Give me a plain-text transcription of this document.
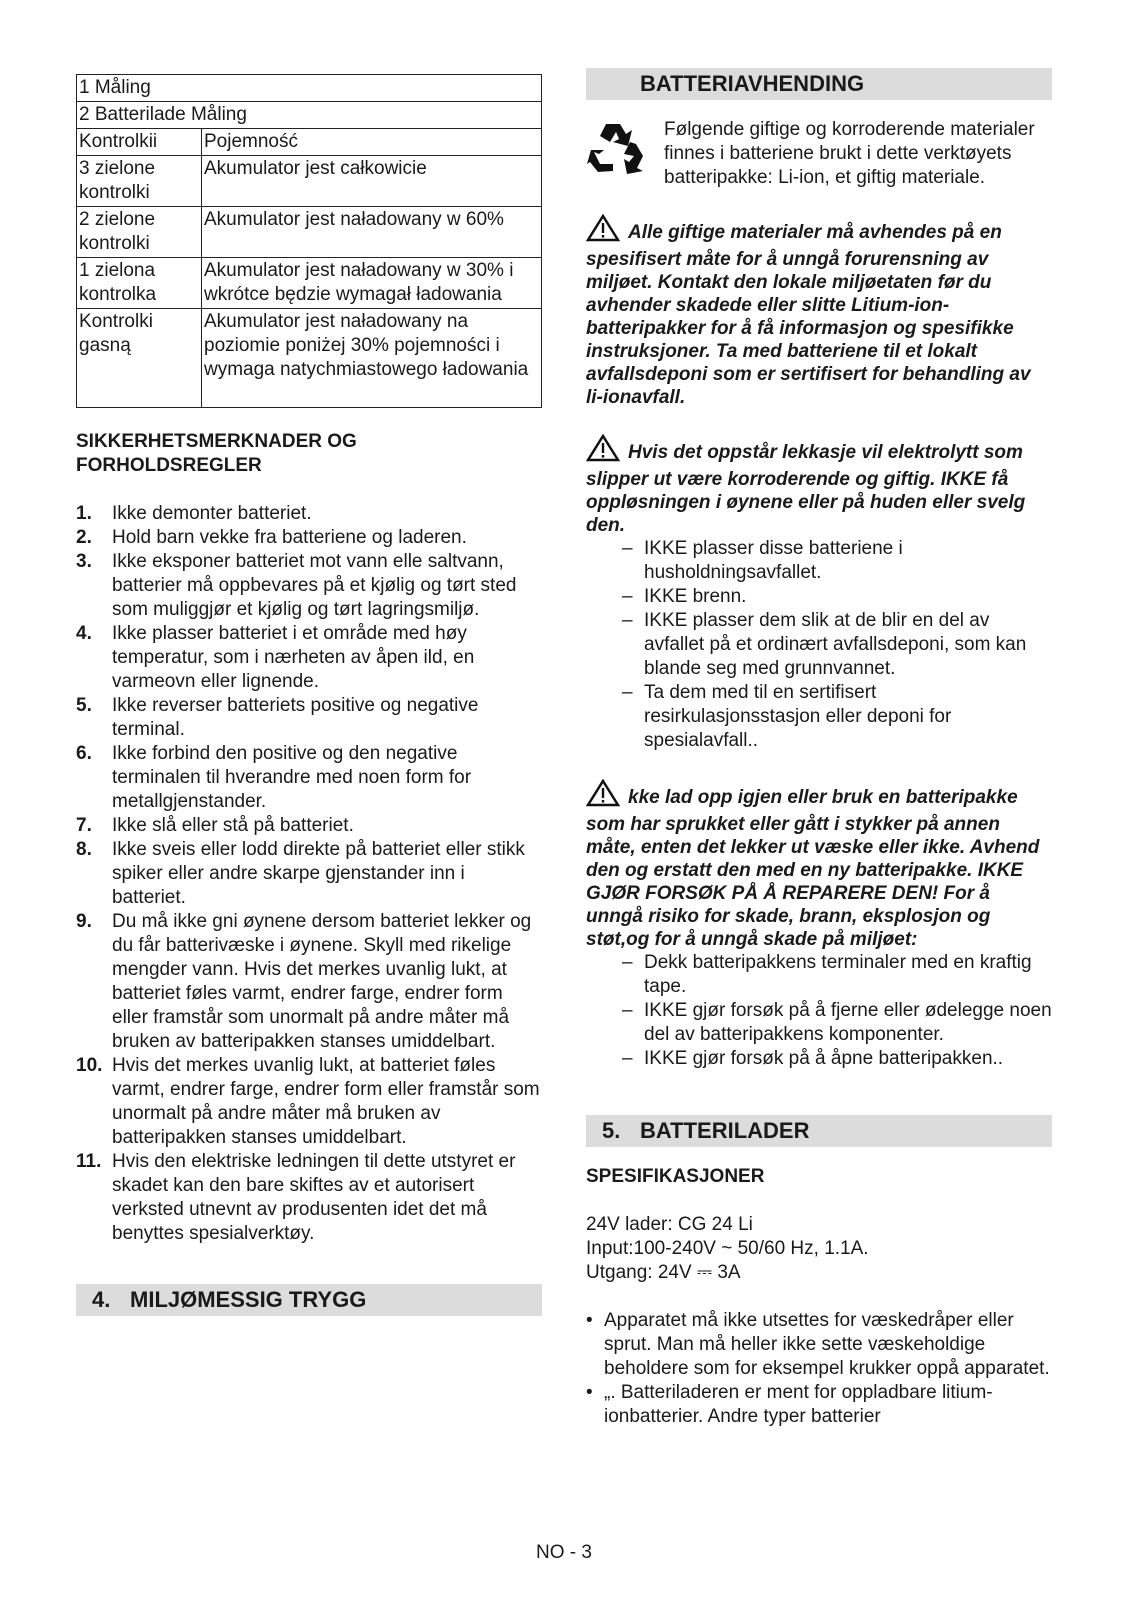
1 Måling	
2 Batterilade Måling	
Kontrolkii	Pojemność
3 zielone kontrolki	Akumulator jest całkowicie
2 zielone kontrolki	Akumulator jest naładowany w 60%
1 zielona kontrolka	Akumulator jest naładowany w 30% i wkrótce będzie wymagał ładowania
Kontrolki gasną	Akumulator jest naładowany na poziomie poniżej 30% pojemności i wymaga natychmiastowego ładowania

SIKKERHETSMERKNADER OG

FORHOLDSREGLER

1. Ikke demonter batteriet.
2. Hold barn vekke fra batteriene og laderen.
3. Ikke eksponer batteriet mot vann elle saltvann, batterier må oppbevares på et kjølig og tørt sted som muliggjør et kjølig og tørt lagringsmiljø.
4. Ikke plasser batteriet i et område med høy temperatur, som i nærheten av åpen ild, en varmeovn eller lignende.
5. Ikke reverser batteriets positive og negative terminal.
6. Ikke forbind den positive og den negative terminalen til hverandre med noen form for metallgjenstander.
7. Ikke slå eller stå på batteriet.
8. Ikke sveis eller lodd direkte på batteriet eller stikk spiker eller andre skarpe gjenstander inn i batteriet.
9. Du må ikke gni øynene dersom batteriet lekker og du får batterivæske i øynene. Skyll med rikelige mengder vann. Hvis det merkes uvanlig lukt, at batteriet føles varmt, endrer farge, endrer form eller framstår som unormalt på andre måter må bruken av batteripakken stanses umiddelbart.
10. Hvis det merkes uvanlig lukt, at batteriet føles varmt, endrer farge, endrer form eller framstår som unormalt på andre måter må bruken av batteripakken stanses umiddelbart.
11. Hvis den elektriske ledningen til dette utstyret er skadet kan den bare skiftes av et autorisert verksted utnevnt av produsenten idet det må benyttes spesialverktøy.
4. MILJØMESSIG TRYGG
BATTERIAVHENDING
Følgende giftige og korroderende materialer finnes i batteriene brukt i dette verktøyets batteripakke: Li-ion, et giftig materiale.
Alle giftige materialer må avhendes på en spesifisert måte for å unngå forurensning av miljøet. Kontakt den lokale miljøetaten før du avhender skadede eller slitte Litium-ion-batteripakker for å få informasjon og spesifikke instruksjoner. Ta med batteriene til et lokalt avfallsdeponi som er sertifisert for behandling av li-ionavfall.
Hvis det oppstår lekkasje vil elektrolytt som slipper ut være korroderende og giftig. IKKE få oppløsningen i øynene eller på huden eller svelg den.
– IKKE plasser disse batteriene i husholdningsavfallet.
– IKKE brenn.
– IKKE plasser dem slik at de blir en del av avfallet på et ordinært avfallsdeponi, som kan blande seg med grunnvannet.
– Ta dem med til en sertifisert resirkulasjonsstasjon eller deponi for spesialavfall..
kke lad opp igjen eller bruk en batteripakke som har sprukket eller gått i stykker på annen måte, enten det lekker ut væske eller ikke. Avhend den og erstatt den med en ny batteripakke. IKKE GJØR FORSØK PÅ Å REPARERE DEN! For å unngå risiko for skade, brann, eksplosjon og støt,og for å unngå skade på miljøet:
– Dekk batteripakkens terminaler med en kraftig tape.
– IKKE gjør forsøk på å fjerne eller ødelegge noen del av batteripakkens komponenter.
– IKKE gjør forsøk på å åpne batteripakken..
5. BATTERILADER

SPESIFIKASJONER

24V lader: CG 24 Li

Input:100-240V ~ 50/60 Hz, 1.1A.

Utgang: 24V ⎓ 3A

• Apparatet må ikke utsettes for væskedråper eller sprut. Man må heller ikke sette væskeholdige beholdere som for eksempel krukker oppå apparatet.
• „. Batteriladeren er ment for oppladbare litium-ionbatterier. Andre typer batterier
NO - 3
